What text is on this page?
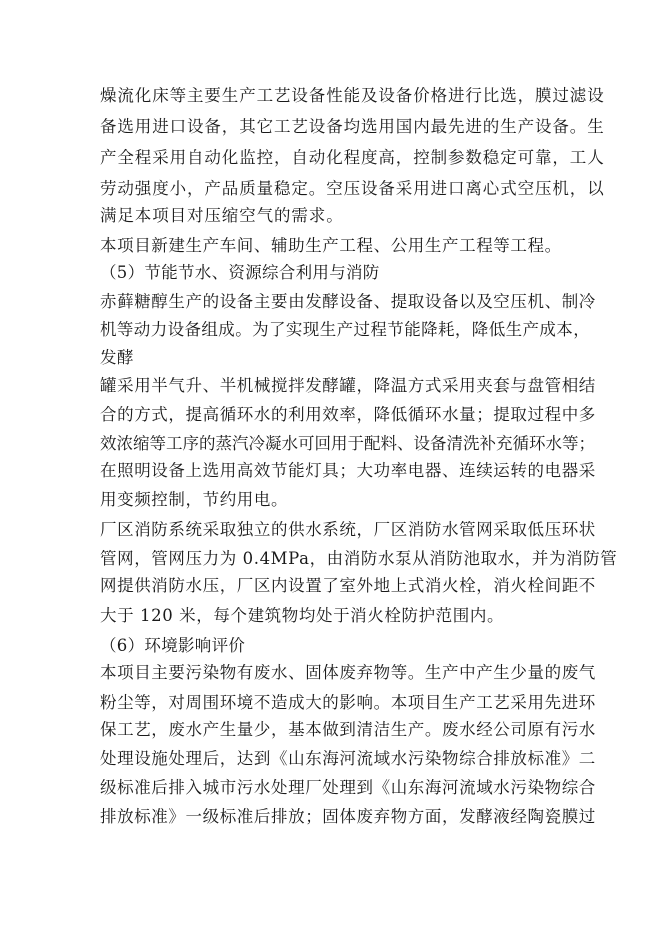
燥流化床等主要生产工艺设备性能及设备价格进行比选，膜过滤设
备选用进口设备，其它工艺设备均选用国内最先进的生产设备。生
产全程采用自动化监控，自动化程度高，控制参数稳定可靠，工人
劳动强度小，产品质量稳定。空压设备采用进口离心式空压机，以
满足本项目对压缩空气的需求。
本项目新建生产车间、辅助生产工程、公用生产工程等工程。
（5）节能节水、资源综合利用与消防
赤藓糖醇生产的设备主要由发酵设备、提取设备以及空压机、制冷
机等动力设备组成。为了实现生产过程节能降耗，降低生产成本，
发酵
罐采用半气升、半机械搅拌发酵罐，降温方式采用夹套与盘管相结
合的方式，提高循环水的利用效率，降低循环水量；提取过程中多
效浓缩等工序的蒸汽冷凝水可回用于配料、设备清洗补充循环水等；
在照明设备上选用高效节能灯具；大功率电器、连续运转的电器采
用变频控制，节约用电。
厂区消防系统采取独立的供水系统，厂区消防水管网采取低压环状
管网，管网压力为 0.4MPa，由消防水泵从消防池取水，并为消防管
网提供消防水压，厂区内设置了室外地上式消火栓，消火栓间距不
大于 120 米，每个建筑物均处于消火栓防护范围内。
（6）环境影响评价
本项目主要污染物有废水、固体废弃物等。生产中产生少量的废气
粉尘等，对周围环境不造成大的影响。本项目生产工艺采用先进环
保工艺，废水产生量少，基本做到清洁生产。废水经公司原有污水
处理设施处理后，达到《山东海河流域水污染物综合排放标准》二
级标准后排入城市污水处理厂处理到《山东海河流域水污染物综合
排放标准》一级标准后排放；固体废弃物方面，发酵液经陶瓷膜过
